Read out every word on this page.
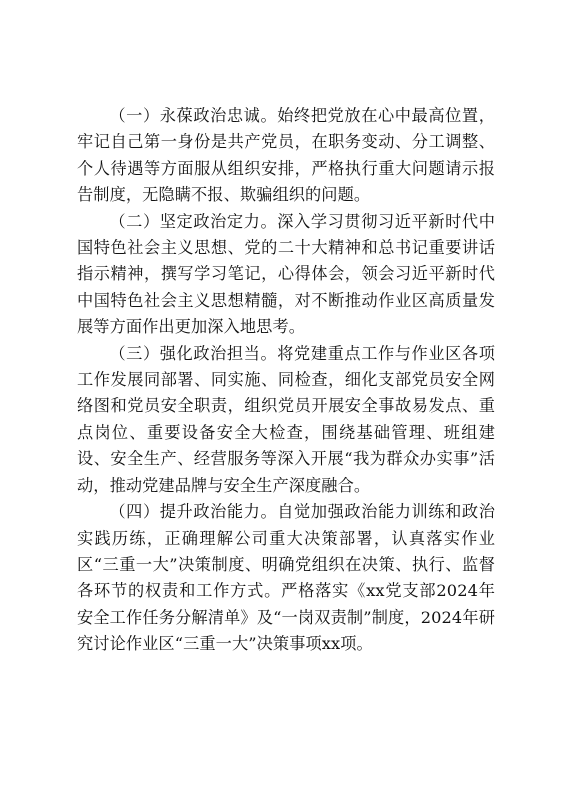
（一）永葆政治忠诚。始终把党放在心中最高位置，牢记自己第一身份是共产党员，在职务变动、分工调整、个人待遇等方面服从组织安排，严格执行重大问题请示报告制度，无隐瞒不报、欺骗组织的问题。

（二）坚定政治定力。深入学习贯彻习近平新时代中国特色社会主义思想、党的二十大精神和总书记重要讲话指示精神，撰写学习笔记，心得体会，领会习近平新时代中国特色社会主义思想精髓，对不断推动作业区高质量发展等方面作出更加深入地思考。

（三）强化政治担当。将党建重点工作与作业区各项工作发展同部署、同实施、同检查，细化支部党员安全网络图和党员安全职责，组织党员开展安全事故易发点、重点岗位、重要设备安全大检查，围绕基础管理、班组建设、安全生产、经营服务等深入开展“我为群众办实事”活动，推动党建品牌与安全生产深度融合。

（四）提升政治能力。自觉加强政治能力训练和政治实践历练，正确理解公司重大决策部署，认真落实作业区“三重一大”决策制度、明确党组织在决策、执行、监督各环节的权责和工作方式。严格落实《xx党支部2024年安全工作任务分解清单》及“一岗双责制”制度，2024年研究讨论作业区“三重一大”决策事项xx项。
